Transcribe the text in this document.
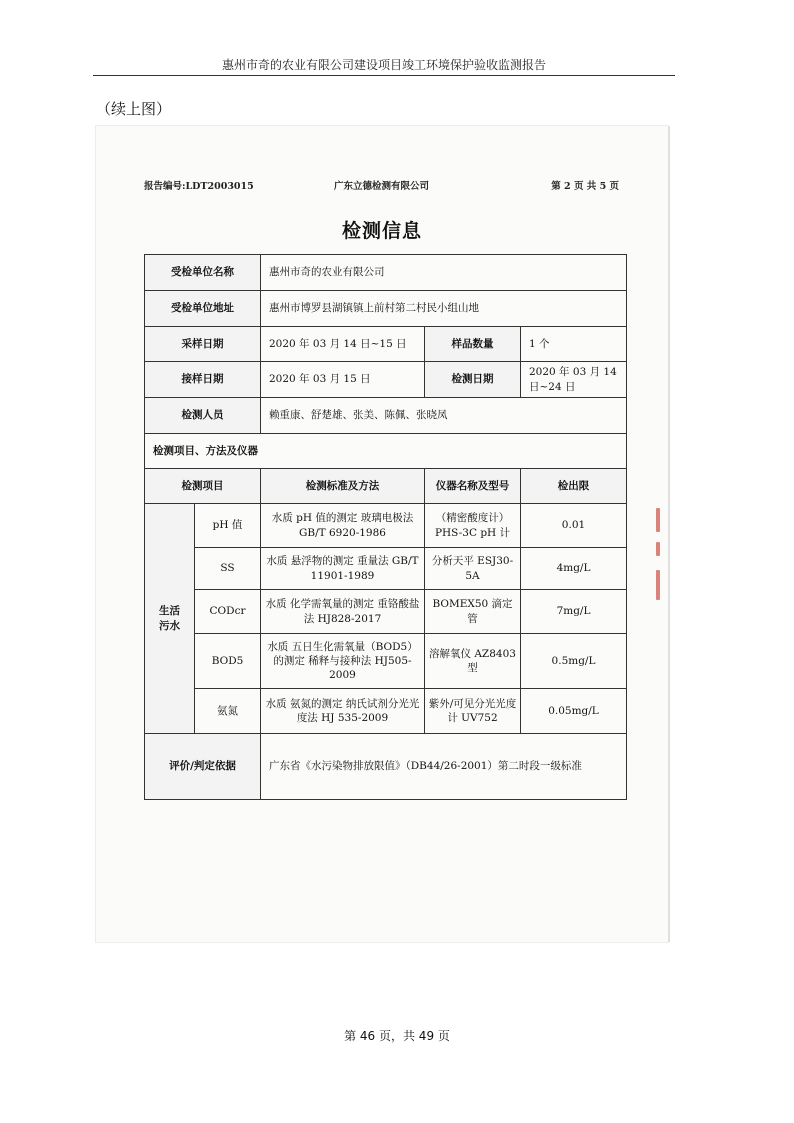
惠州市奇的农业有限公司建设项目竣工环境保护验收监测报告
（续上图）
广东立德检测有限公司
报告编号:LDT2003015	第 2 页 共 5 页
检测信息
受检单位名称		惠州市奇的农业有限公司		
受检单位地址		惠州市博罗县湖镇镇上前村第二村民小组山地		
采样日期		2020 年 03 月 14 日~15 日	样品数量	1 个
接样日期		2020 年 03 月 15 日	检测日期	2020 年 03 月 14 日~24 日
检测人员		赖重康、舒楚雄、张美、陈佩、张晓凤		
检测项目、方法及仪器				
检测项目		检测标准及方法	仪器名称及型号	检出限
生活污水	pH 值	水质 pH 值的测定 玻璃电极法 GB/T 6920-1986	（精密酸度计）PHS-3C pH 计	0.01
	SS	水质 悬浮物的测定 重量法 GB/T 11901-1989	分析天平 ESJ30-5A	4mg/L
	CODcr	水质 化学需氧量的测定 重铬酸盐法 HJ828-2017	BOMEX50 滴定管	7mg/L
	BOD5	水质 五日生化需氧量（BOD5）的测定 稀释与接种法 HJ505-2009	溶解氧仪 AZ8403 型	0.5mg/L
	氨氮	水质 氨氮的测定 纳氏试剂分光光度法 HJ 535-2009	紫外/可见分光光度计 UV752	0.05mg/L
评价/判定依据		广东省《水污染物排放限值》（DB44/26-2001）第二时段一级标准		
第 46 页，共 49 页
